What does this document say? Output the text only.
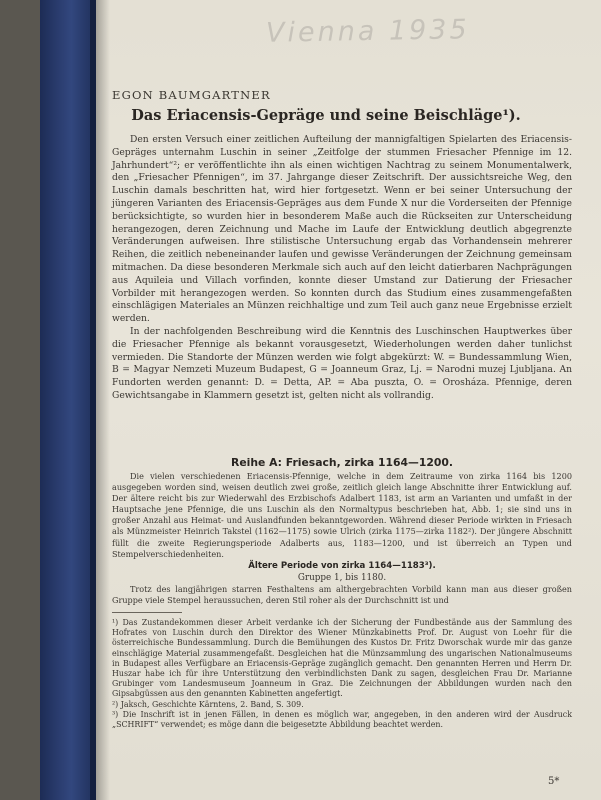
Vienna 1935
EGON BAUMGARTNER
Das Eriacensis-Gepräge und seine Beischläge¹).

Den ersten Versuch einer zeitlichen Aufteilung der mannigfaltigen Spielarten des Eriacensis-Gepräges unternahm Luschin in seiner „Zeitfolge der stummen Friesacher Pfennige im 12. Jahrhundert“²; er veröffentlichte ihn als einen wichtigen Nachtrag zu seinem Monumentalwerk, den „Friesacher Pfennigen“, im 37. Jahrgange dieser Zeitschrift. Der aussichtsreiche Weg, den Luschin damals beschritten hat, wird hier fortgesetzt. Wenn er bei seiner Untersuchung der jüngeren Varianten des Eriacensis-Gepräges aus dem Funde X nur die Vorderseiten der Pfennige berücksichtigte, so wurden hier in besonderem Maße auch die Rückseiten zur Unterscheidung herangezogen, deren Zeichnung und Mache im Laufe der Entwicklung deutlich abgegrenzte Veränderungen aufweisen. Ihre stilistische Untersuchung ergab das Vorhandensein mehrerer Reihen, die zeitlich nebeneinander laufen und gewisse Veränderungen der Zeichnung gemeinsam mitmachen. Da diese besonderen Merkmale sich auch auf den leicht datierbaren Nachprägungen aus Aquileia und Villach vorfinden, konnte dieser Umstand zur Datierung der Friesacher Vorbilder mit herangezogen werden. So konnten durch das Studium eines zusammengefaßten einschlägigen Materiales an Münzen reichhaltige und zum Teil auch ganz neue Ergebnisse erzielt werden.

In der nachfolgenden Beschreibung wird die Kenntnis des Luschinschen Hauptwerkes über die Friesacher Pfennige als bekannt vorausgesetzt, Wiederholungen werden daher tunlichst vermieden. Die Standorte der Münzen werden wie folgt abgekürzt: W. = Bundessammlung Wien, B = Magyar Nemzeti Muzeum Budapest, G = Joanneum Graz, Lj. = Narodni muzej Ljubljana. An Fundorten werden genannt: D. = Detta, AP. = Aba puszta, O. = Orosháza. Pfennige, deren Gewichtsangabe in Klammern gesetzt ist, gelten nicht als vollrandig.

Reihe A: Friesach, zirka 1164—1200.

Die vielen verschiedenen Eriacensis-Pfennige, welche in dem Zeitraume von zirka 1164 bis 1200 ausgegeben worden sind, weisen deutlich zwei große, zeitlich gleich lange Abschnitte ihrer Entwicklung auf. Der ältere reicht bis zur Wiederwahl des Erzbischofs Adalbert 1183, ist arm an Varianten und umfaßt in der Hauptsache jene Pfennige, die uns Luschin als den Normaltypus beschrieben hat, Abb. 1; sie sind uns in großer Anzahl aus Heimat- und Auslandfunden bekanntgeworden. Während dieser Periode wirkten in Friesach als Münzmeister Heinrich Takstel (1162—1175) sowie Ulrich (zirka 1175—zirka 1182²). Der jüngere Abschnitt füllt die zweite Regierungsperiode Adalberts aus, 1183—1200, und ist überreich an Typen und Stempelverschiedenheiten.

Ältere Periode von zirka 1164—1183³).
Gruppe 1, bis 1180.

Trotz des langjährigen starren Festhaltens am althergebrachten Vorbild kann man aus dieser großen Gruppe viele Stempel heraussuchen, deren Stil roher als der Durchschnitt ist und

¹) Das Zustandekommen dieser Arbeit verdanke ich der Sicherung der Fundbestände aus der Sammlung des Hofrates von Luschin durch den Direktor des Wiener Münzkabinetts Prof. Dr. August von Loehr für die österreichische Bundessammlung. Durch die Bemühungen des Kustos Dr. Fritz Dworschak wurde mir das ganze einschlägige Material zusammengefaßt. Desgleichen hat die Münzsammlung des ungarischen Nationalmuseums in Budapest alles Verfügbare an Eriacensis-Gepräge zugänglich gemacht. Den genannten Herren und Herrn Dr. Huszar habe ich für ihre Unterstützung den verbindlichsten Dank zu sagen, desgleichen Frau Dr. Marianne Grubinger vom Landesmuseum Joanneum in Graz. Die Zeichnungen der Abbildungen wurden nach den Gipsabgüssen aus den genannten Kabinetten angefertigt.
²) Jaksch, Geschichte Kärntens, 2. Band, S. 309.
³) Die Inschrift ist in jenen Fällen, in denen es möglich war, angegeben, in den anderen wird der Ausdruck „SCHRIFT“ verwendet; es möge dann die beigesetzte Abbildung beachtet werden.
5*
